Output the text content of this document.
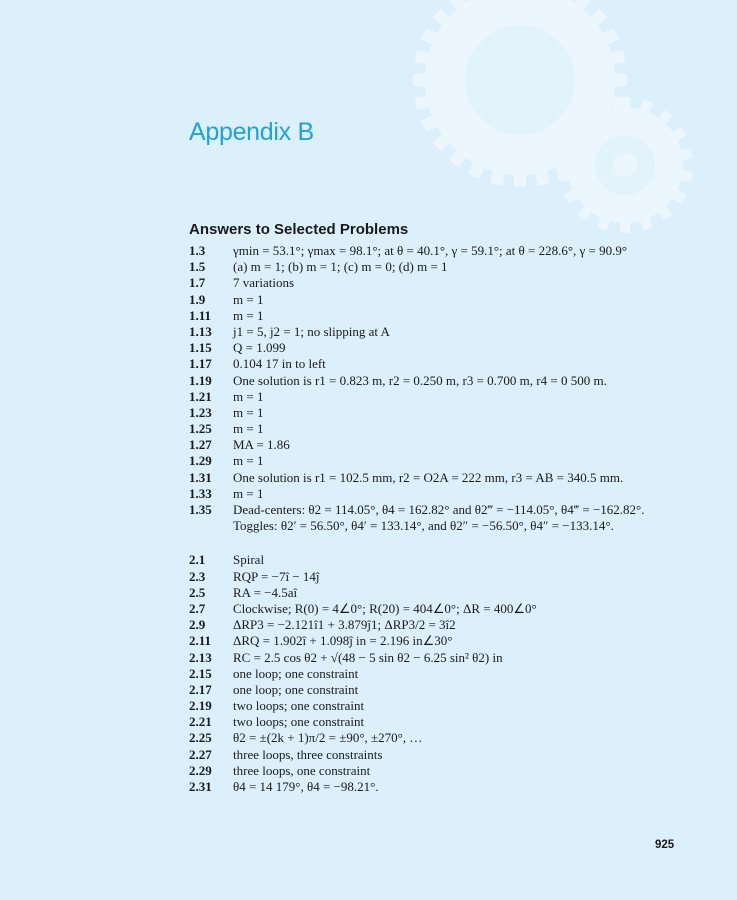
Appendix B
Answers to Selected Problems
1.3 γmin = 53.1°; γmax = 98.1°; at θ = 40.1°, γ = 59.1°; at θ = 228.6°, γ = 90.9°
1.5 (a) m = 1; (b) m = 1; (c) m = 0; (d) m = 1
1.7 7 variations
1.9 m = 1
1.11 m = 1
1.13 j1 = 5, j2 = 1; no slipping at A
1.15 Q = 1.099
1.17 0.104 17 in to left
1.19 One solution is r1 = 0.823 m, r2 = 0.250 m, r3 = 0.700 m, r4 = 0 500 m.
1.21 m = 1
1.23 m = 1
1.25 m = 1
1.27 MA = 1.86
1.29 m = 1
1.31 One solution is r1 = 102.5 mm, r2 = O2A = 222 mm, r3 = AB = 340.5 mm.
1.33 m = 1
1.35 Dead-centers: θ2 = 114.05°, θ4 = 162.82° and θ2‴ = −114.05°, θ4‴ = −162.82°.
Toggles: θ2′ = 56.50°, θ4′ = 133.14°, and θ2″ = −56.50°, θ4″ = −133.14°.
2.1 Spiral
2.3 RQP = −7î − 14ĵ
2.5 RA = −4.5aî
2.7 Clockwise; R(0) = 4∠0°; R(20) = 404∠0°; ΔR = 400∠0°
2.9 ΔRP3 = −2.121î1 + 3.879ĵ1; ΔRP3/2 = 3î2
2.11 ΔRQ = 1.902î + 1.098ĵ in = 2.196 in∠30°
2.13 RC = 2.5 cos θ2 + √(48 − 5 sin θ2 − 6.25 sin² θ2) in
2.15 one loop; one constraint
2.17 one loop; one constraint
2.19 two loops; one constraint
2.21 two loops; one constraint
2.25 θ2 = ±(2k + 1)π/2 = ±90°, ±270°, …
2.27 three loops, three constraints
2.29 three loops, one constraint
2.31 θ4 = 14 179°, θ4 = −98.21°.
925
